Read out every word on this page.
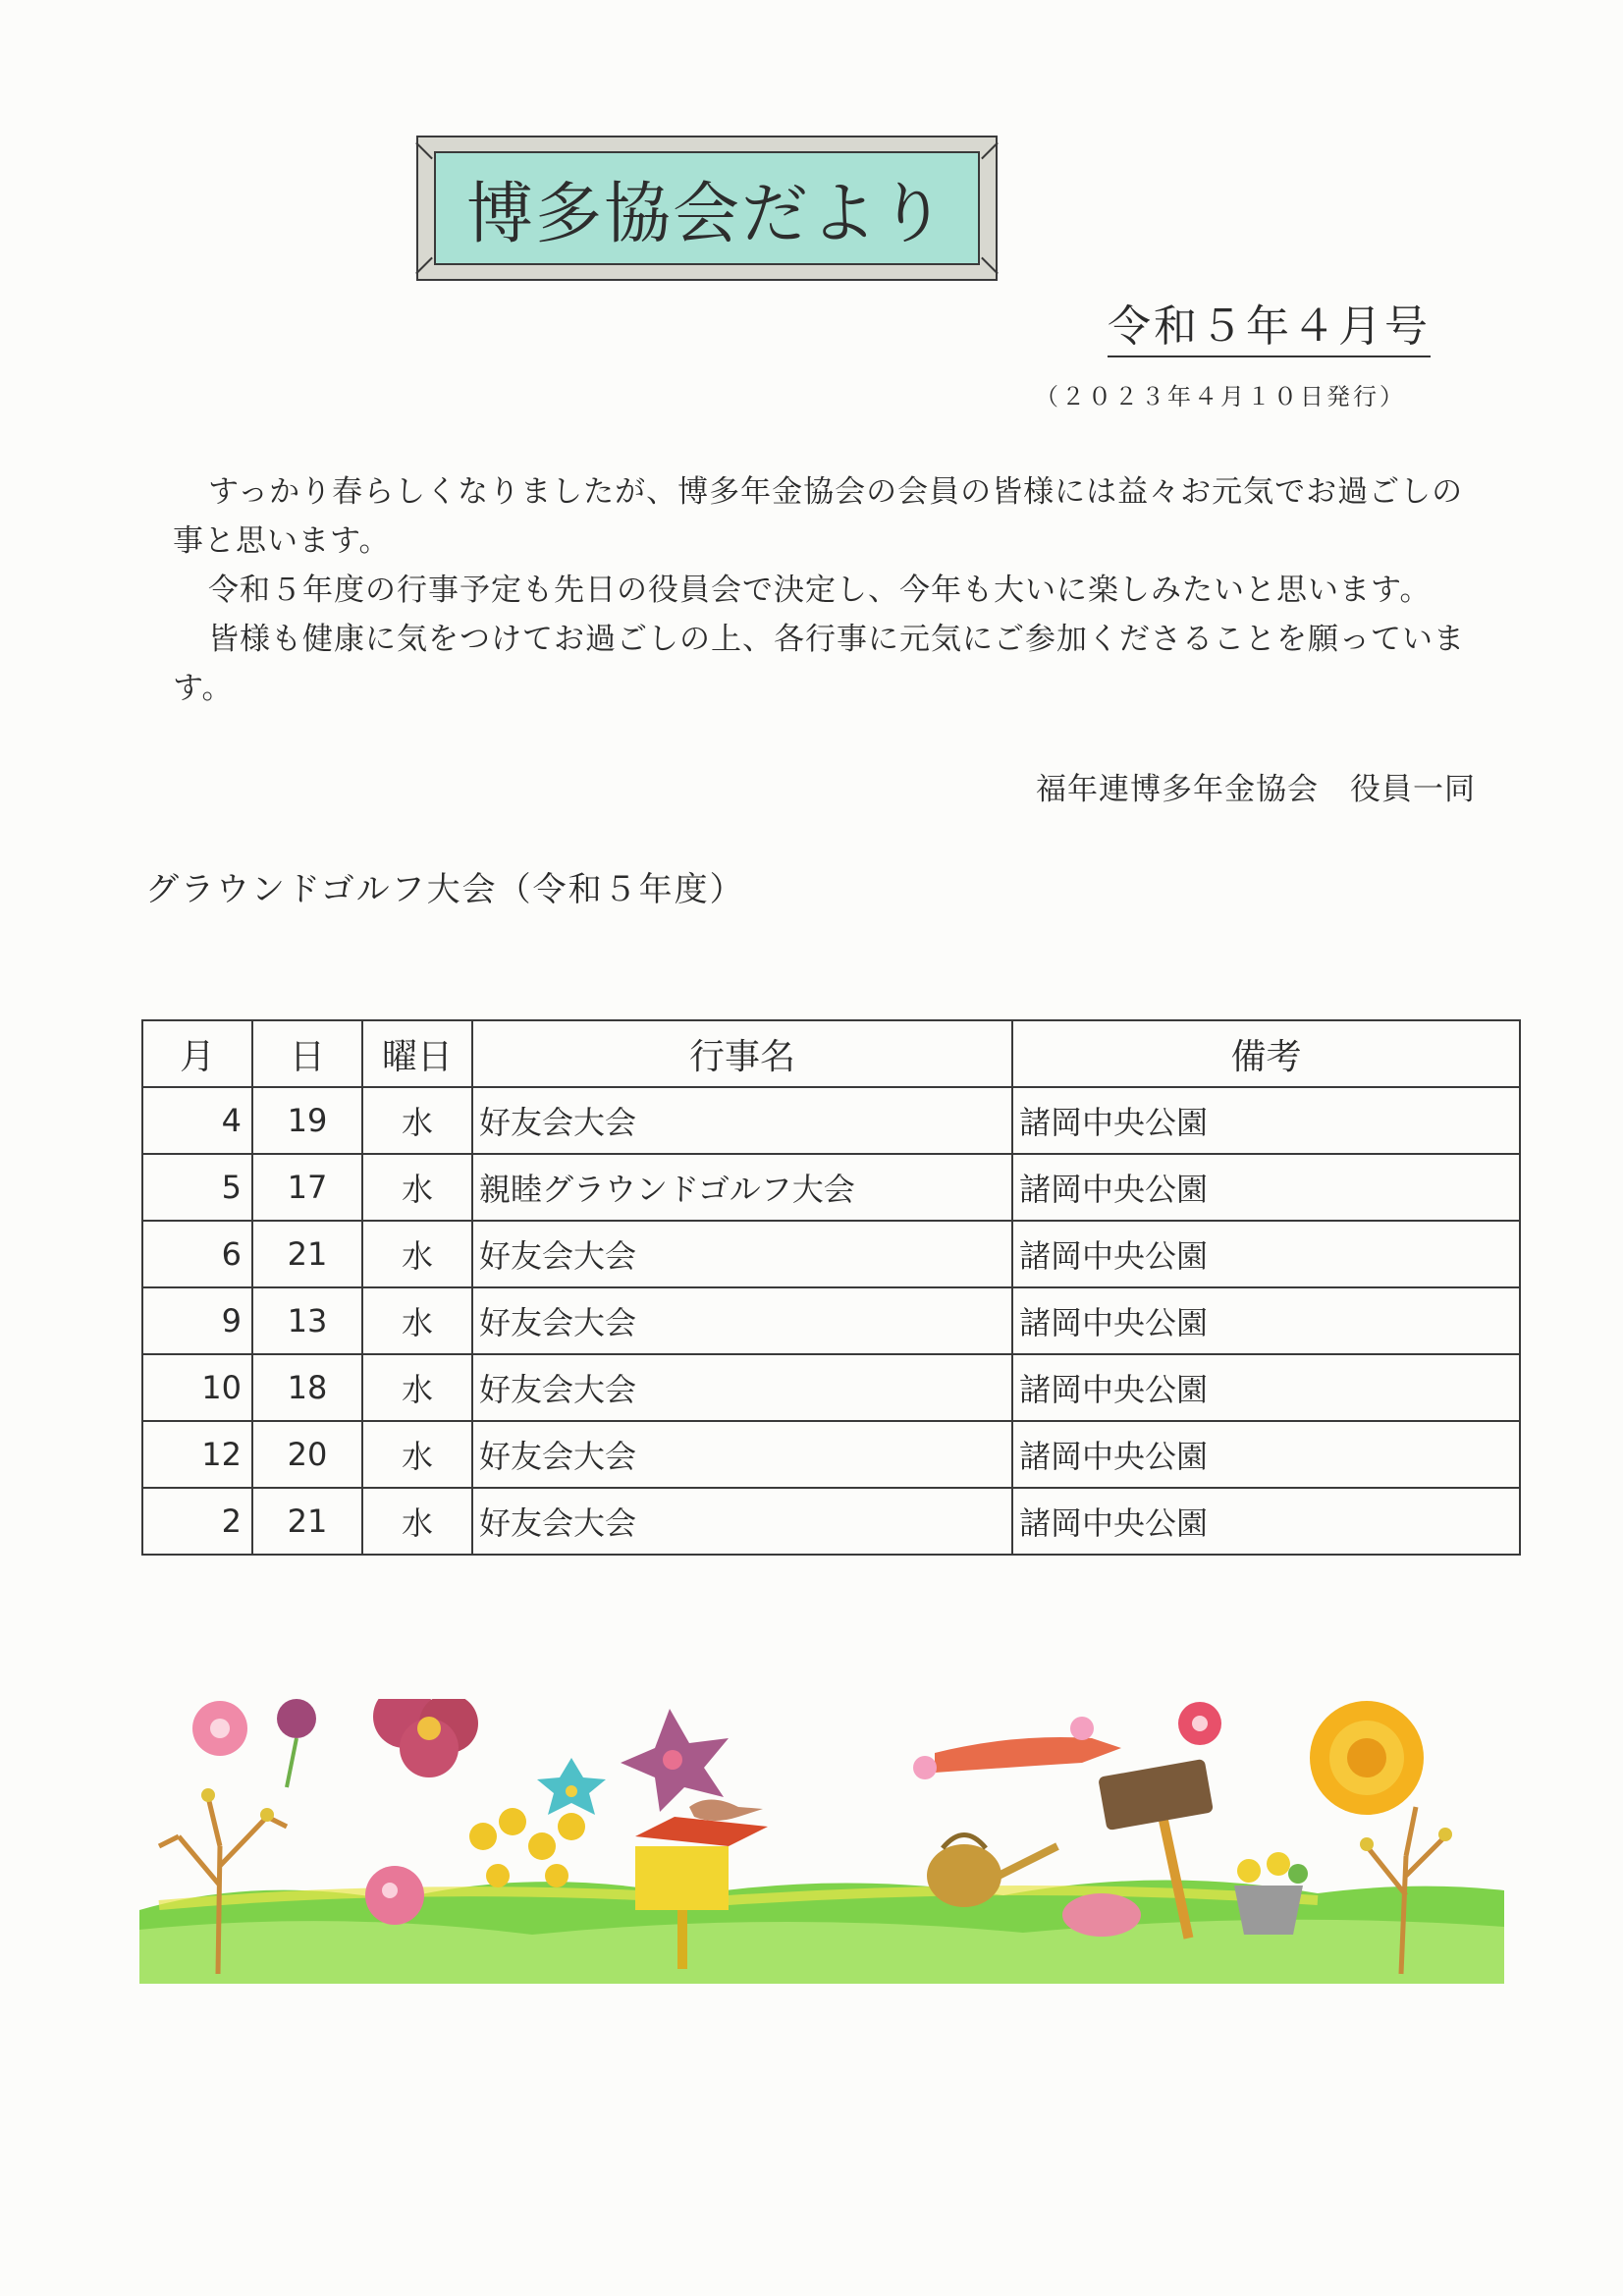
博多協会だより
令和５年４月号
（２０２３年４月１０日発行）

すっかり春らしくなりましたが、博多年金協会の会員の皆様には益々お元気でお過ごしの事と思います。

令和５年度の行事予定も先日の役員会で決定し、今年も大いに楽しみたいと思います。

皆様も健康に気をつけてお過ごしの上、各行事に元気にご参加くださることを願っています。

福年連博多年金協会　役員一同
グラウンドゴルフ大会（令和５年度）
月	日	曜日	行事名	備考
4	19	水	好友会大会	諸岡中央公園
5	17	水	親睦グラウンドゴルフ大会	諸岡中央公園
6	21	水	好友会大会	諸岡中央公園
9	13	水	好友会大会	諸岡中央公園
10	18	水	好友会大会	諸岡中央公園
12	20	水	好友会大会	諸岡中央公園
2	21	水	好友会大会	諸岡中央公園
